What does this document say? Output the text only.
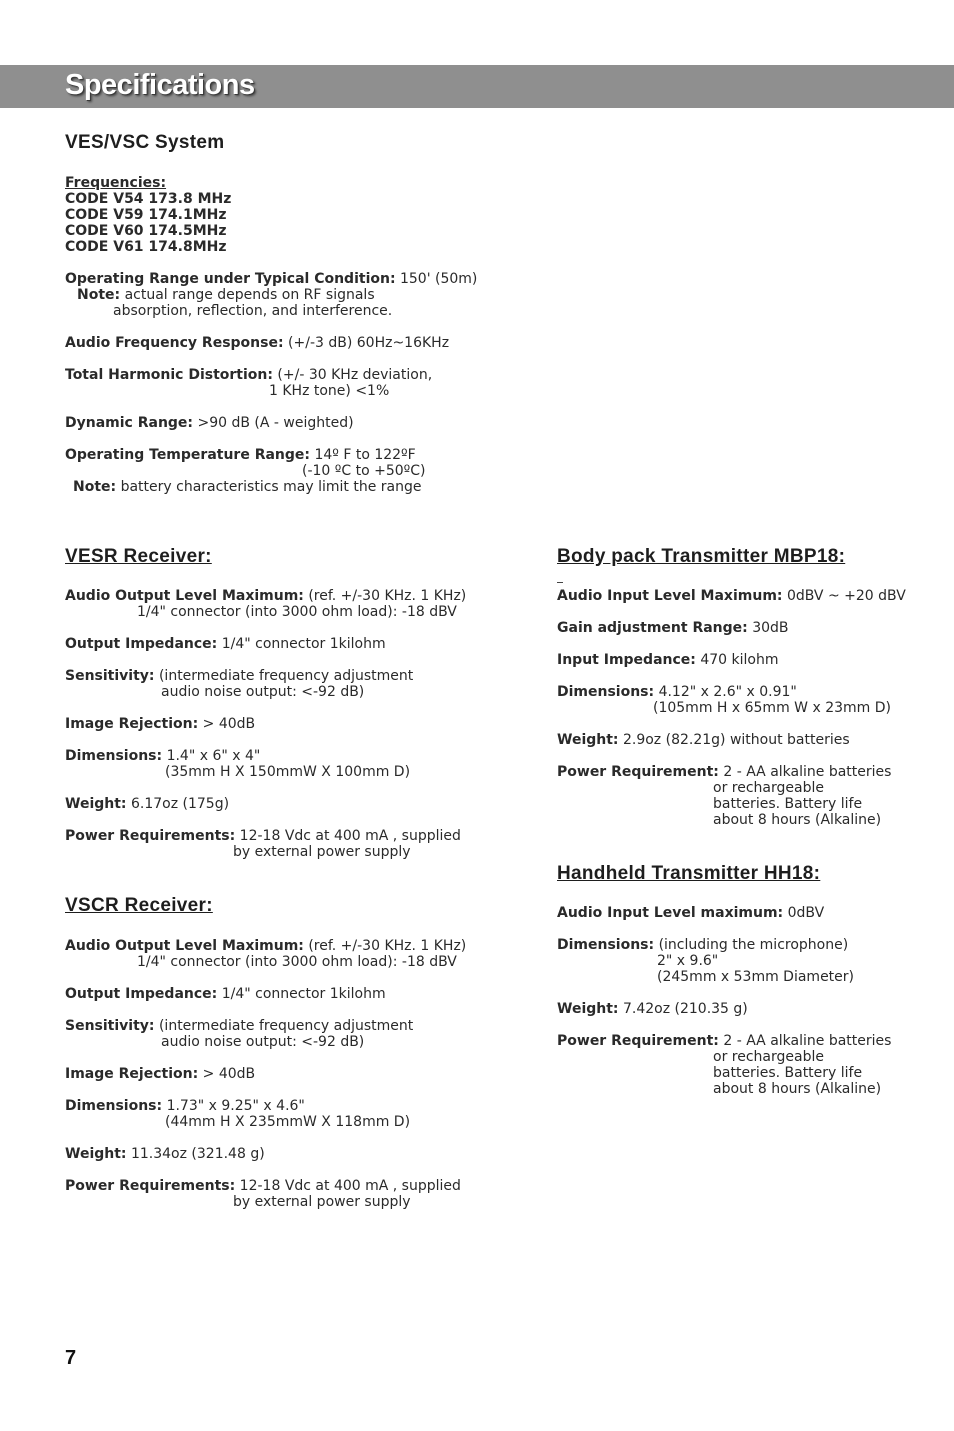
Specifications
VES/VSC System
Frequencies:
CODE V54 173.8 MHz
CODE V59 174.1MHz
CODE V60 174.5MHz
CODE V61 174.8MHz
Operating Range under Typical Condition: 150' (50m)
Note: actual range depends on RF signals
absorption, reflection, and interference.
Audio Frequency Response: (+/-3 dB) 60Hz~16KHz
Total Harmonic Distortion: (+/- 30 KHz deviation,
1 KHz tone) <1%
Dynamic Range: >90 dB (A - weighted)
Operating Temperature Range: 14º F to 122ºF
(-10 ºC to +50ºC)
Note: battery characteristics may limit the range
VESR Receiver:
Audio Output Level Maximum: (ref. +/-30 KHz. 1 KHz)
1/4" connector (into 3000 ohm load): -18 dBV
Output Impedance: 1/4" connector 1kilohm
Sensitivity: (intermediate frequency adjustment
audio noise output: <-92 dB)
Image Rejection: > 40dB
Dimensions: 1.4" x 6" x 4"
(35mm H X 150mmW X 100mm D)
Weight: 6.17oz (175g)
Power Requirements: 12-18 Vdc at 400 mA , supplied
by external power supply
VSCR Receiver:
Audio Output Level Maximum: (ref. +/-30 KHz. 1 KHz)
1/4" connector (into 3000 ohm load): -18 dBV
Output Impedance: 1/4" connector 1kilohm
Sensitivity: (intermediate frequency adjustment
audio noise output: <-92 dB)
Image Rejection: > 40dB
Dimensions: 1.73" x 9.25" x 4.6"
(44mm H X 235mmW X 118mm D)
Weight: 11.34oz (321.48 g)
Power Requirements: 12-18 Vdc at 400 mA , supplied
by external power supply
Body pack Transmitter MBP18:
Audio Input Level Maximum: 0dBV ~ +20 dBV
Gain adjustment Range: 30dB
Input Impedance: 470 kilohm
Dimensions: 4.12" x 2.6" x 0.91"
(105mm H x 65mm W x 23mm D)
Weight: 2.9oz (82.21g) without batteries
Power Requirement: 2 - AA alkaline batteries
or rechargeable
batteries. Battery life
about 8 hours (Alkaline)
Handheld Transmitter HH18:
Audio Input Level maximum: 0dBV
Dimensions: (including the microphone)
2" x 9.6"
(245mm x 53mm Diameter)
Weight: 7.42oz (210.35 g)
Power Requirement: 2 - AA alkaline batteries
or rechargeable
batteries. Battery life
about 8 hours (Alkaline)
7
